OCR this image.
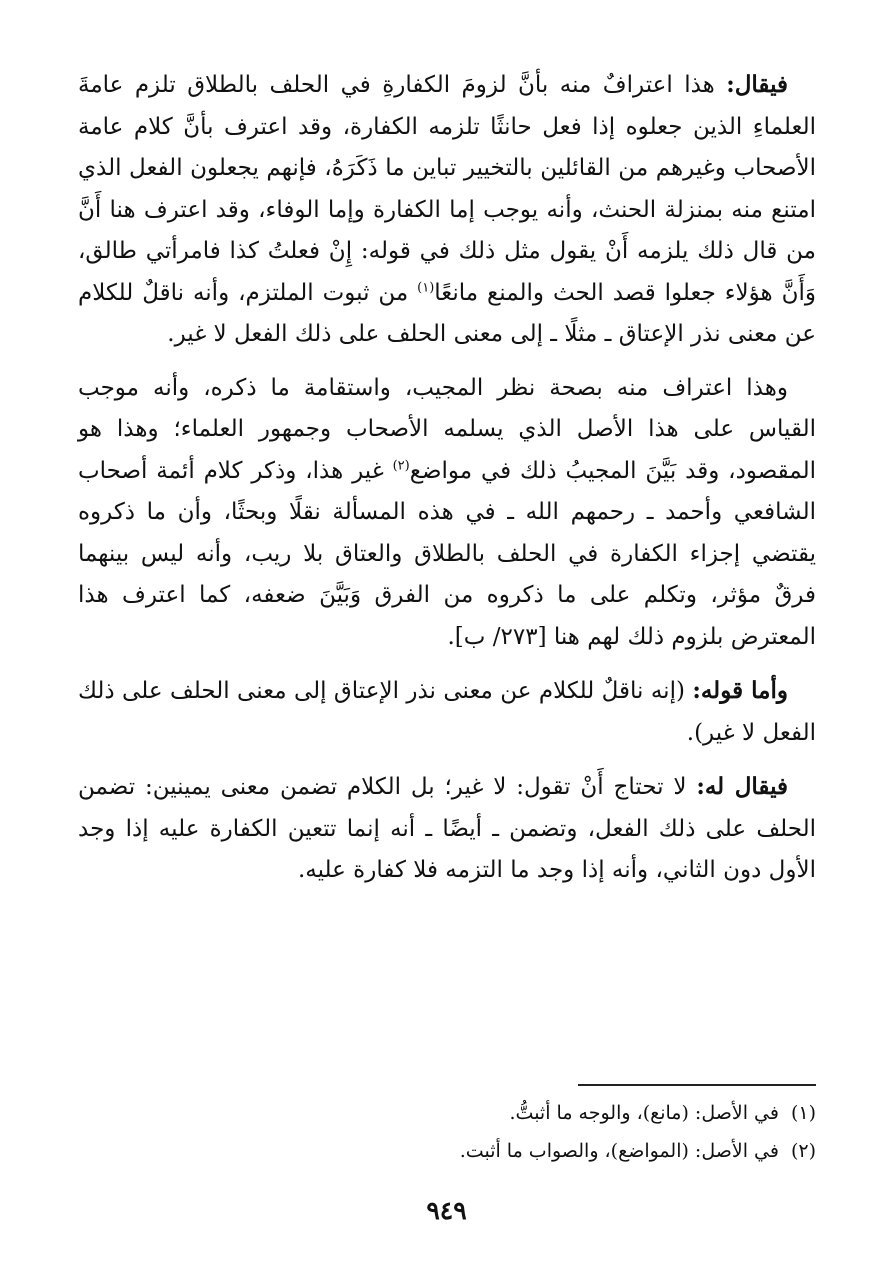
فيقال: هذا اعترافٌ منه بأنَّ لزومَ الكفارةِ في الحلف بالطلاق تلزم عامةَ العلماءِ الذين جعلوه إذا فعل حانثًا تلزمه الكفارة، وقد اعترف بأنَّ كلام عامة الأصحاب وغيرهم من القائلين بالتخيير تباين ما ذَكَرَهُ، فإنهم يجعلون الفعل الذي امتنع منه بمنزلة الحنث، وأنه يوجب إما الكفارة وإما الوفاء، وقد اعترف هنا أَنَّ من قال ذلك يلزمه أَنْ يقول مثل ذلك في قوله: إِنْ فعلتُ كذا فامرأتي طالق، وَأَنَّ هؤلاء جعلوا قصد الحث والمنع مانعًا$^{(١)}$ من ثبوت الملتزم، وأنه ناقلٌ للكلام عن معنى نذر الإعتاق ـ مثلًا ـ إلى معنى الحلف على ذلك الفعل لا غير.

وهذا اعتراف منه بصحة نظر المجيب، واستقامة ما ذكره، وأنه موجب القياس على هذا الأصل الذي يسلمه الأصحاب وجمهور العلماء؛ وهذا هو المقصود، وقد بَيَّنَ المجيبُ ذلك في مواضع$^{(٢)}$ غير هذا، وذكر كلام أئمة أصحاب الشافعي وأحمد ـ رحمهم الله ـ في هذه المسألة نقلًا وبحثًا، وأن ما ذكروه يقتضي إجزاء الكفارة في الحلف بالطلاق والعتاق بلا ريب، وأنه ليس بينهما فرقٌ مؤثر، وتكلم على ما ذكروه من الفرق وَبَيَّنَ ضعفه، كما اعترف هذا المعترض بلزوم ذلك لهم هنا [٢٧٣/ ب].

وأما قوله: (إنه ناقلٌ للكلام عن معنى نذر الإعتاق إلى معنى الحلف على ذلك الفعل لا غير).

فيقال له: لا تحتاج أَنْ تقول: لا غير؛ بل الكلام تضمن معنى يمينين: تضمن الحلف على ذلك الفعل، وتضمن ـ أيضًا ـ أنه إنما تتعين الكفارة عليه إذا وجد الأول دون الثاني، وأنه إذا وجد ما التزمه فلا كفارة عليه.

(١)في الأصل: (مانع)، والوجه ما أثبتُّ.

(٢)في الأصل: (المواضع)، والصواب ما أثبت.

٩٤٩
